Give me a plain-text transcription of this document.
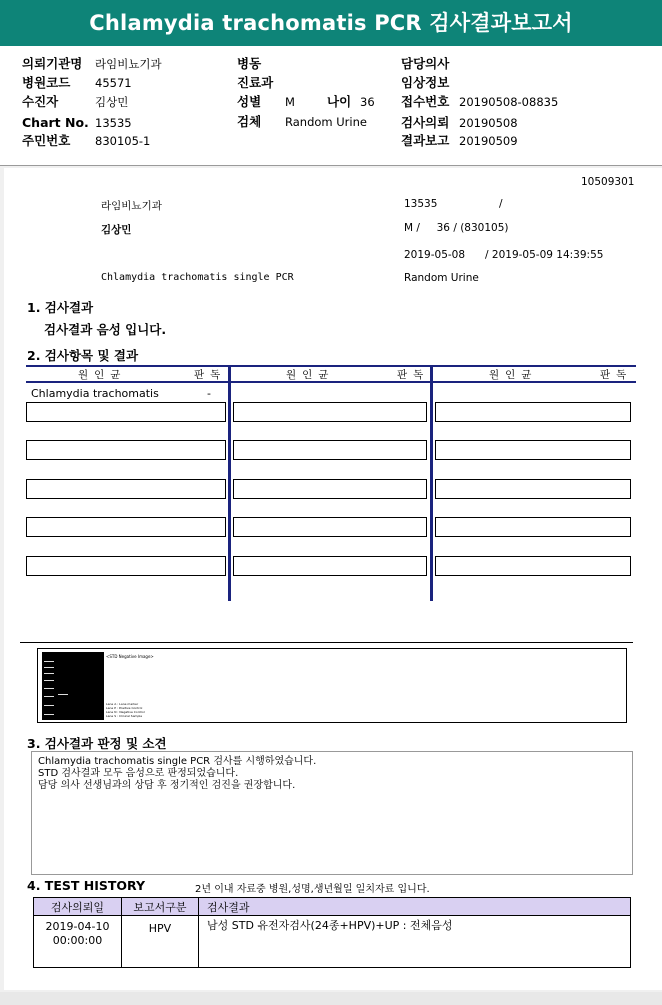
Chlamydia trachomatis PCR 검사결과보고서
의뢰기관명 라임비뇨기과
병원코드 45571
수진자	김상민
Chart No. 13535
주민번호 830105-1
병동
진료과
성별 M	나이 36
검체 Random Urine
담당의사
임상정보
접수번호 20190508-08835
검사의뢰 20190508
결과보고 20190509
10509301
라임비뇨기과	13535	/
김상민	M /     36 / (830105)
2019-05-08      / 2019-05-09 14:39:55
Chlamydia trachomatis single PCR	Random Urine
1. 검사결과
검사결과 음성 입니다.
2. 검사항목 및 결과
원인균	판독	원인균	판독	원인균	판독
Chlamydia trachomatis	-
<STD Negative Image>
Lane A : Lane marker
Lane P : Positive Control
Lane N : Negative Control
Lane S : Clinical Sample
3. 검사결과 판정 및 소견
Chlamydia trachomatis single PCR 검사를 시행하였습니다.
STD 검사결과 모두 음성으로 판정되었습니다.
담당 의사 선생님과의 상담 후 정기적인 검진을 권장합니다.
4. TEST HISTORY	2년 이내 자료중 병원,성명,생년월일 일치자료 입니다.
검사의뢰일	보고서구분	검사결과

2019-04-10
00:00:00	HPV	남성 STD 유전자검사(24종+HPV)+UP : 전체음성
